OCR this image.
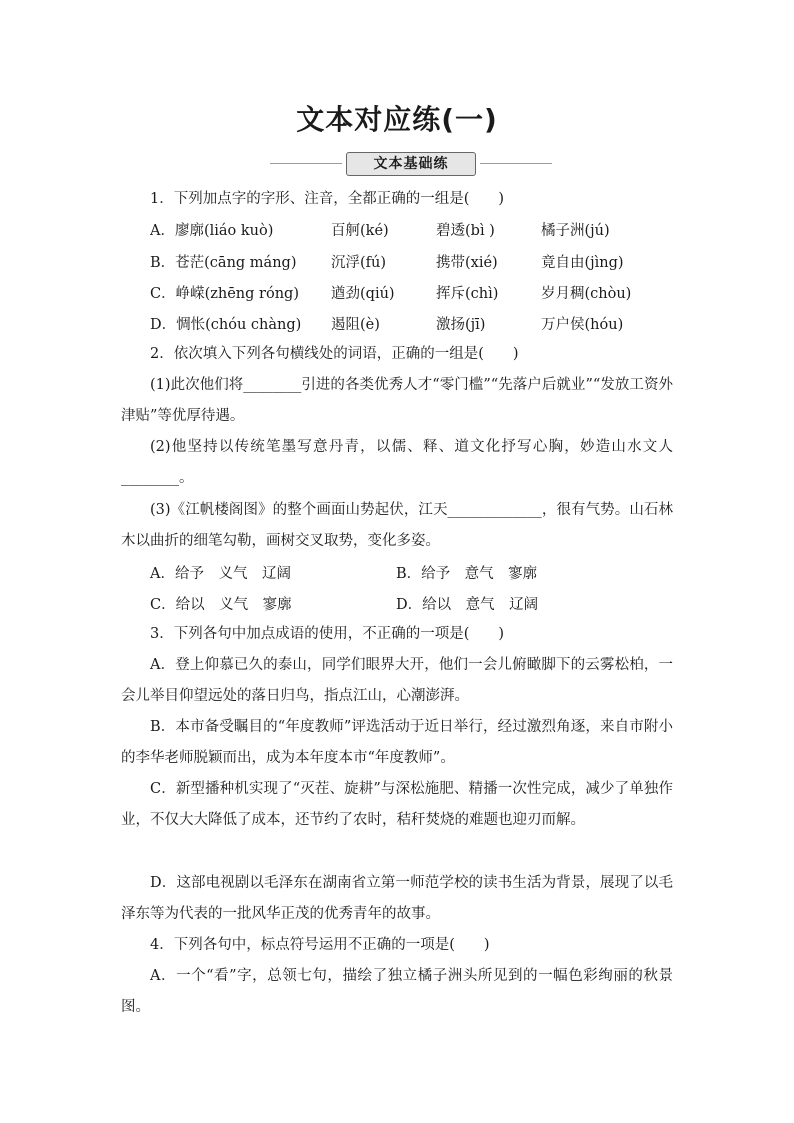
文本对应练(一)
文本基础练
1．下列加点字的字形、注音，全都正确的一组是(　　)
A．廖廓(liáo kuò)	百舸(ké)	碧透(bì )	橘子洲(jú)
B．苍茫(cāng máng) 沉浮(fú)	携带(xié)	竟自由(jìng)
C．峥嵘(zhēng róng) 遒劲(qiú)	挥斥(chì)	岁月稠(chòu)
D．惆怅(chóu chàng) 遏阻(è)	激扬(jī)	万户侯(hóu)
2．依次填入下列各句横线处的词语，正确的一组是(　　)
(1)此次他们将________引进的各类优秀人才“零门槛”“先落户后就业”“发放工资外津贴”等优厚待遇。
(2)他坚持以传统笔墨写意丹青，以儒、释、道文化抒写心胸，妙造山水文人________。
(3)《江帆楼阁图》的整个画面山势起伏，江天_____________，很有气势。山石林木以曲折的细笔勾勒，画树交叉取势，变化多姿。
A．给予　义气　辽阔	B．给予　意气　寥廓
C．给以　义气　寥廓	D．给以　意气　辽阔
3．下列各句中加点成语的使用，不正确的一项是(　　)
A．登上仰慕已久的泰山，同学们眼界大开，他们一会儿俯瞰脚下的云雾松柏，一会儿举目仰望远处的落日归鸟，指点江山，心潮澎湃。
B．本市备受瞩目的“年度教师”评选活动于近日举行，经过激烈角逐，来自市附小的李华老师脱颖而出，成为本年度本市“年度教师”。
C．新型播种机实现了“灭茬、旋耕”与深松施肥、精播一次性完成，减少了单独作业，不仅大大降低了成本，还节约了农时，秸秆焚烧的难题也迎刃而解。
D．这部电视剧以毛泽东在湖南省立第一师范学校的读书生活为背景，展现了以毛泽东等为代表的一批风华正茂的优秀青年的故事。
4．下列各句中，标点符号运用不正确的一项是(　　)
A．一个“看”字，总领七句，描绘了独立橘子洲头所见到的一幅色彩绚丽的秋景图。
